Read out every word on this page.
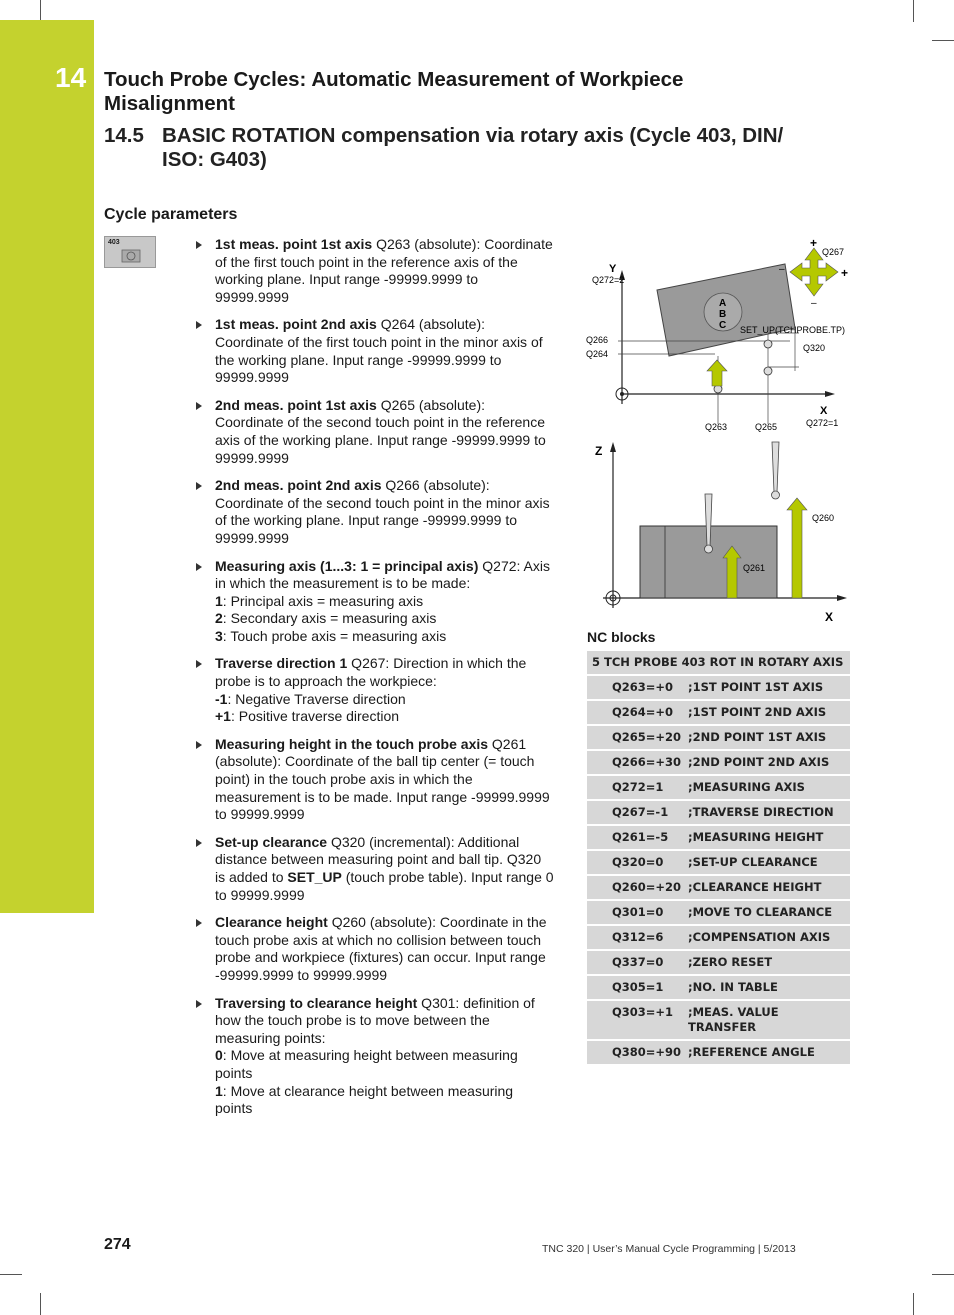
14 Touch Probe Cycles: Automatic Measurement of Workpiece Misalignment
14.5 BASIC ROTATION compensation via rotary axis (Cycle 403, DIN/ ISO: G403)
Cycle parameters
403	1st meas. point 1st axis Q263 (absolute): Coordinate of the first touch point in the reference axis of the working plane. Input range -99999.9999 to 99999.9999
1st meas. point 2nd axis Q264 (absolute): Coordinate of the first touch point in the minor axis of the working plane. Input range -99999.9999 to 99999.9999
2nd meas. point 1st axis Q265 (absolute): Coordinate of the second touch point in the reference axis of the working plane. Input range -99999.9999 to 99999.9999
2nd meas. point 2nd axis Q266 (absolute): Coordinate of the second touch point in the minor axis of the working plane. Input range -99999.9999 to 99999.9999
Measuring axis (1...3: 1 = principal axis) Q272: Axis in which the measurement is to be made:
1: Principal axis = measuring axis
2: Secondary axis = measuring axis
3: Touch probe axis = measuring axis
Traverse direction 1 Q267: Direction in which the probe is to approach the workpiece:
-1: Negative Traverse direction
+1: Positive traverse direction
Measuring height in the touch probe axis Q261 (absolute): Coordinate of the ball tip center (= touch point) in the touch probe axis in which the measurement is to be made. Input range -99999.9999 to 99999.9999
Set-up clearance Q320 (incremental): Additional distance between measuring point and ball tip. Q320 is added to SET_UP (touch probe table). Input range 0 to 99999.9999
Clearance height Q260 (absolute): Coordinate in the touch probe axis at which no collision between touch probe and workpiece (fixtures) can occur. Input range -99999.9999 to 99999.9999
Traversing to clearance height Q301: definition of how the touch probe is to move between the measuring points:
0: Move at measuring height between measuring points
1: Move at clearance height between measuring points
A
B
C
+
+
–
–
Y
Q272=2
Q267
SET_UP(TCHPROBE.TP)
Q266
Q264
Q320
X
Q263	Q265	Q272=1
Z
X
Q260
Q261
NC blocks
5 TCH PROBE 403 ROT IN ROTARY AXIS	
Q263=+0	;1ST POINT 1ST AXIS
Q264=+0	;1ST POINT 2ND AXIS
Q265=+20	;2ND POINT 1ST AXIS
Q266=+30	;2ND POINT 2ND AXIS
Q272=1	;MEASURING AXIS
Q267=-1	;TRAVERSE DIRECTION
Q261=-5	;MEASURING HEIGHT
Q320=0	;SET-UP CLEARANCE
Q260=+20	;CLEARANCE HEIGHT
Q301=0	;MOVE TO CLEARANCE
Q312=6	;COMPENSATION AXIS
Q337=0	;ZERO RESET
Q305=1	;NO. IN TABLE
Q303=+1	;MEAS. VALUE TRANSFER
Q380=+90	;REFERENCE ANGLE
274	TNC 320 | User’s Manual Cycle Programming | 5/2013
